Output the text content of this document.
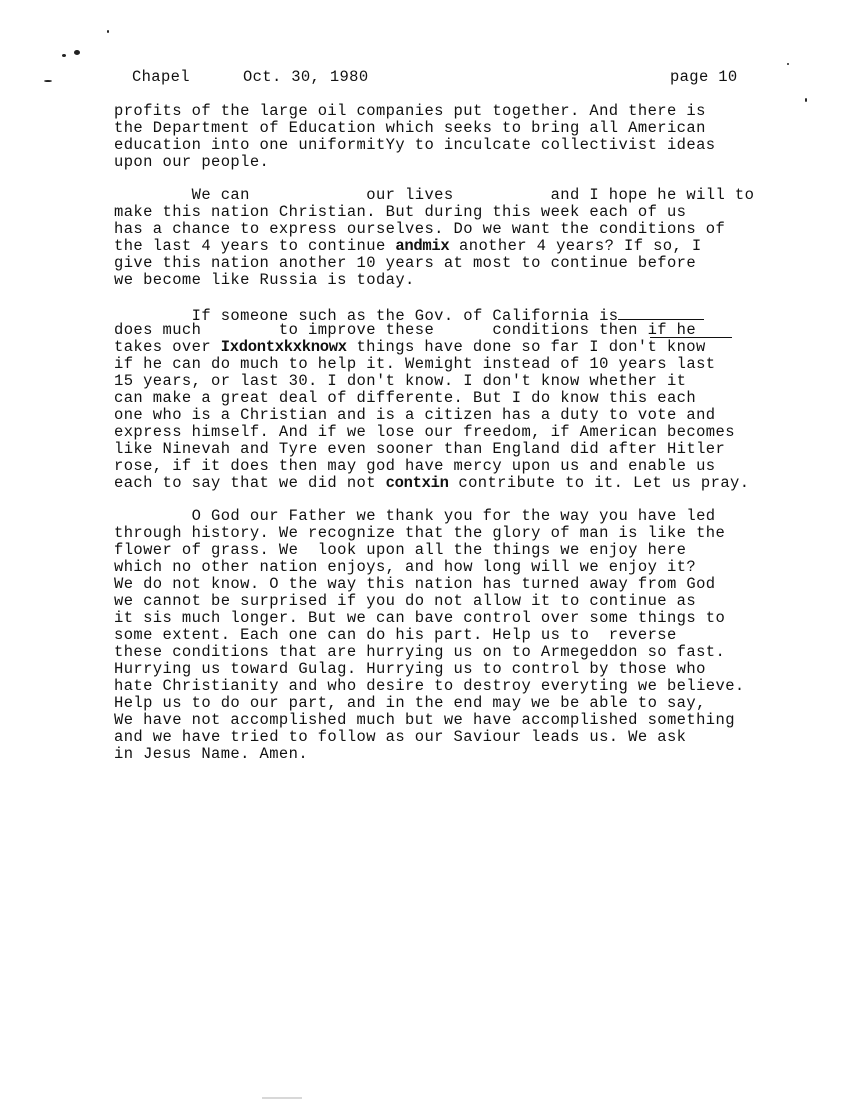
Chapel	Oct. 30, 1980	page 10
profits of the large oil companies put together. And there is
the Department of Education which seeks to bring all American
education into one uniformitYy to inculcate collectivist ideas
upon our people.
We can            our lives          and I hope he will to
make this nation Christian. But during this week each of us
has a chance to express ourselves. Do we want the conditions of
the last 4 years to continue andmix another 4 years? If so, I
give this nation another 10 years at most to continue before
we become like Russia is today.
If someone such as the Gov. of California is
does much        to improve these      conditions then if he
takes over Ixdontxkxknowx things have done so far I don't know
if he can do much to help it. Wemight instead of 10 years last
15 years, or last 30. I don't know. I don't know whether it
can make a great deal of differente. But I do know this each
one who is a Christian and is a citizen has a duty to vote and
express himself. And if we lose our freedom, if American becomes
like Ninevah and Tyre even sooner than England did after Hitler
rose, if it does then may god have mercy upon us and enable us
each to say that we did not contxin contribute to it. Let us pray.
O God our Father we thank you for the way you have led
through history. We recognize that the glory of man is like the
flower of grass. We  look upon all the things we enjoy here
which no other nation enjoys, and how long will we enjoy it?
We do not know. O the way this nation has turned away from God
we cannot be surprised if you do not allow it to continue as
it sis much longer. But we can bave control over some things to
some extent. Each one can do his part. Help us to  reverse
these conditions that are hurrying us on to Armegeddon so fast.
Hurrying us toward Gulag. Hurrying us to control by those who
hate Christianity and who desire to destroy everyting we believe.
Help us to do our part, and in the end may we be able to say,
We have not accomplished much but we have accomplished something
and we have tried to follow as our Saviour leads us. We ask
in Jesus Name. Amen.
